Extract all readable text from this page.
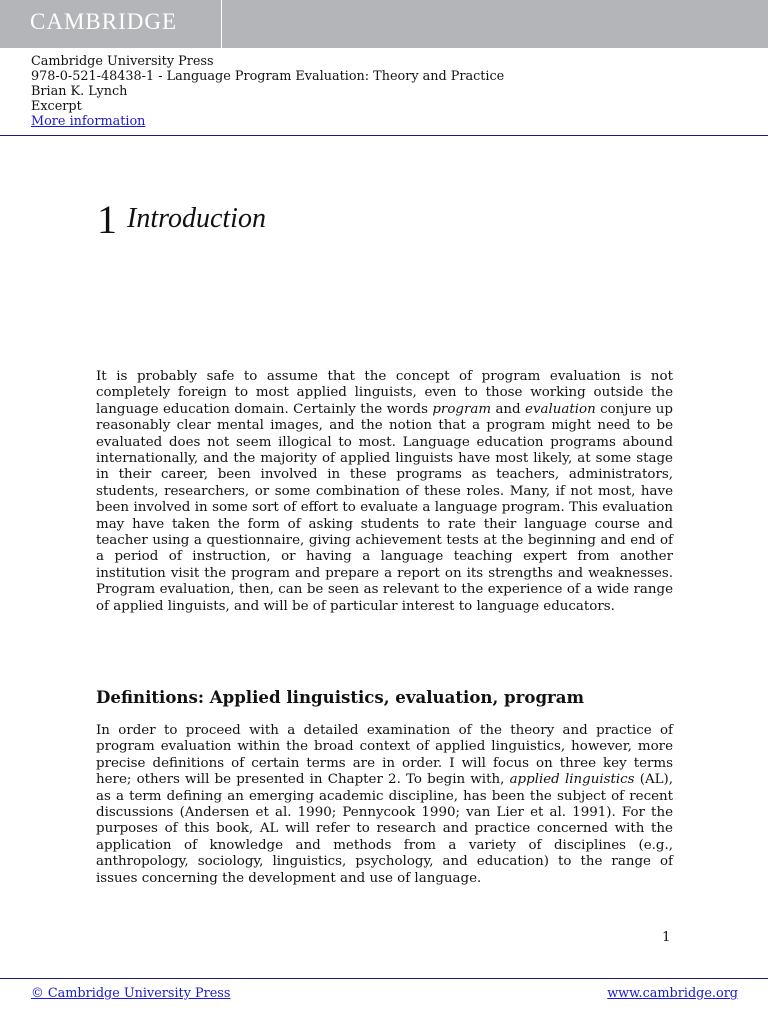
CAMBRIDGE
Cambridge University Press
978-0-521-48438-1 - Language Program Evaluation: Theory and Practice
Brian K. Lynch
Excerpt
More information
1 Introduction

It is probably safe to assume that the concept of program evaluation is not completely foreign to most applied linguists, even to those working outside the language education domain. Certainly the words program and evaluation conjure up reasonably clear mental images, and the notion that a program might need to be evaluated does not seem illogical to most. Language education programs abound internationally, and the majority of applied linguists have most likely, at some stage in their career, been involved in these programs as teachers, administrators, students, researchers, or some combination of these roles. Many, if not most, have been involved in some sort of effort to evaluate a language program. This evaluation may have taken the form of asking students to rate their language course and teacher using a questionnaire, giving achievement tests at the beginning and end of a period of instruction, or having a language teaching expert from another institution visit the program and prepare a report on its strengths and weaknesses. Program evaluation, then, can be seen as relevant to the experience of a wide range of applied linguists, and will be of particular interest to language educators.

Definitions: Applied linguistics, evaluation, program

In order to proceed with a detailed examination of the theory and practice of program evaluation within the broad context of applied linguistics, however, more precise definitions of certain terms are in order. I will focus on three key terms here; others will be presented in Chapter 2. To begin with, applied linguistics (AL), as a term defining an emerging academic discipline, has been the subject of recent discussions (Andersen et al. 1990; Pennycook 1990; van Lier et al. 1991). For the purposes of this book, AL will refer to research and practice concerned with the application of knowledge and methods from a variety of disciplines (e.g., anthropology, sociology, linguistics, psychology, and education) to the range of issues concerning the development and use of language.

1

© Cambridge University Press	www.cambridge.org
